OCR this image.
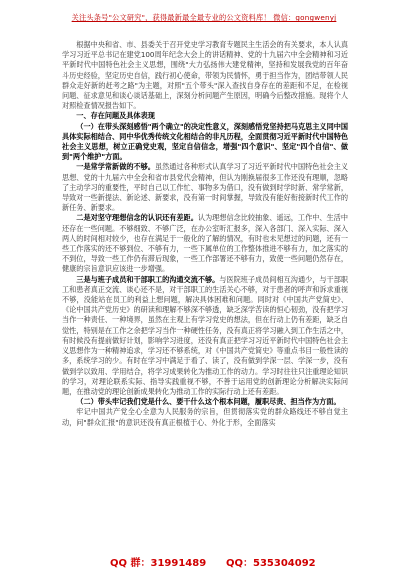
关注头条号"公文研究"，获得最新最全最专业的公文资料库！ 微信：gongwenyj

根据中央和省、市、县委关于召开党史学习教育专题民主生活会的有关要求，本人认真学习习近平总书记在建党100周年纪念大会上的讲话精神、党的十九届六中全会精神和习近平新时代中国特色社会主义思想，围绕"大力弘扬伟大建党精神，坚持和发展我党的百年奋斗历史经验，坚定历史自信，践行初心使命，带领为民情怀，勇于担当作为，团结带领人民群众走好新的赶考之路"为主题，对照"五个带头"深入查找自身存在的差距和不足，在检视问题、征求意见和谈心谈话基础上，深刻分析问题产生原因，明确今后整改措施。现将个人对照检查情况报告如下。

一、存在问题及具体表现

（一）在带头深刻感悟"两个确立"的决定性意义，深刻感悟党坚持把马克思主义同中国具体实际相结合、同中华优秀传统文化相结合的非凡历程，全面贯彻习近平新时代中国特色社会主义思想，树立正确党史观，坚定自信信念，增强"四个意识"、坚定"四个自信"、做到"两个维护"方面。

一是常学常新做的不够。虽然通过各种形式认真学习了习近平新时代中国特色社会主义思想、党的十九届六中全会和省市县党代会精神，但认为刚换届很多工作还没有理顺，忽略了主动学习的重要性，平时自己以工作忙、事物多为借口，没有做到时学时新、常学常新，导致对一些新提法、新论述、新要求，没有第一时间掌握，导致没有能好衔接新时代工作的新任务、新要求。

二是对坚守理想信念的认识还有差距。认为理想信念比较抽象、遥远，工作中、生活中还存在一些问题。不够细致、不够广泛，在办公室听汇报多，深入各部门、深入实际、深入两人的时间相对较少，也存在满足于一般化的了解的情况，有时也未见想过的问题，还有一些工作落实的还不够到位、不够有力，一些下属单位的工作整体推进不够有力，加之落实的不到位，导致一些工作仍有滞后现象，一些工作部署还不够有力，致使一些问题仍然存在，健康的宗旨意识应该进一步增强。

三是与班子成员和干部职工的沟通交流不够。与医院班子成员间相互沟通少，与干部职工和患者真正交流、谈心还不是，对干部职工的生活关心不够，对于患者的呼声和诉求重视不够，没能站在员工的利益上想问题，解决具体困难和问题。同时对《中国共产党简史》、《论中国共产党历史》的研读和理解不够深不够透，缺乏深学苦读的恒心韧劲，没有把学习当作一种责任、一种境界，虽然在主观上有学习党史的想法，但在行动上仍有差距，缺乏自觉性，特别是在工作之余把学习当作一种硬性任务，没有真正将学习融入到工作生活之中，有时候没有提前做好计划，影响学习进度，还没有真正把学习习近平新时代中国特色社会主义思想作为一种精神追求，学习还不够系统，对《中国共产党简史》等重点书目一般性读的多，系统学习的少。有时在学习中满足于看了、读了，没有做到学深一层、学深一步，没有做到学以致用、学用结合，将学习成果转化为推动工作的动力。学习时往往只注重理论知识的学习，对理论联系实际、指导实践重视不够，不善于运用党的创新理论分析解决实际问题，在推动党的理论创新成果转化为推动工作的实际行动上还有差距。

（二）带头牢记我们党是什么、要干什么这个根本问题，履职尽责、担当作为方面。

牢记中国共产党全心全意为人民服务的宗旨，但贯彻落实党的群众路线还不够自觉主动，问"群众汇报"的意识还没有真正根植于心、外化于形，全面落实

QQ 群：31991489 QQ：535304092
